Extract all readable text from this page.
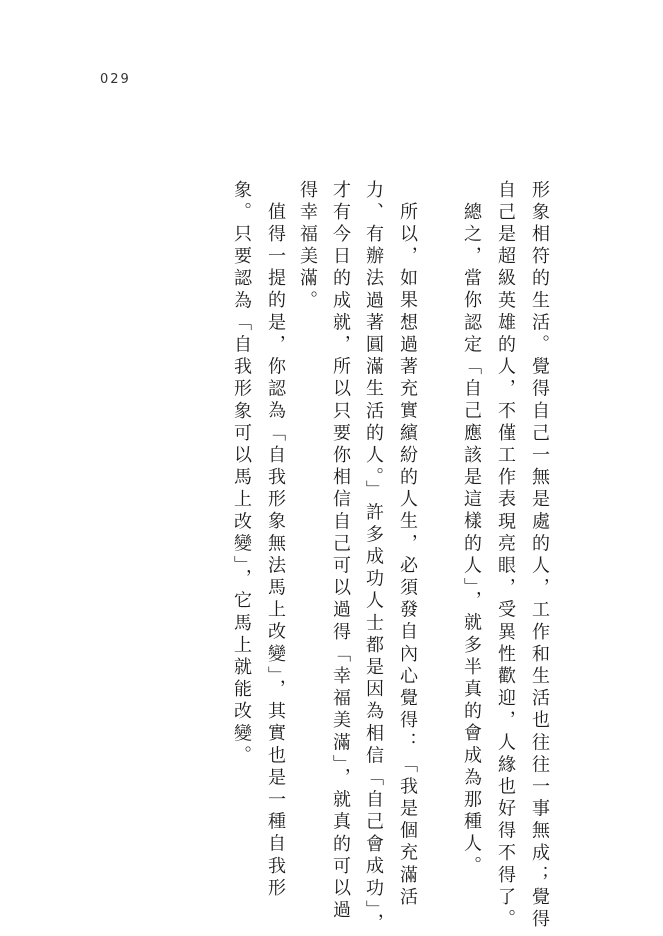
029
形象相符的生活。覺得自己一無是處的人，工作和生活也往往一事無成；覺得
自己是超級英雄的人，不僅工作表現亮眼，受異性歡迎，人緣也好得不得了。
總之，當你認定「自己應該是這樣的人」，就多半真的會成為那種人。
所以，如果想過著充實繽紛的人生，必須發自內心覺得：「我是個充滿活
力、有辦法過著圓滿生活的人。」許多成功人士都是因為相信「自己會成功」，
才有今日的成就，所以只要你相信自己可以過得「幸福美滿」，就真的可以過
得幸福美滿。
值得一提的是，你認為「自我形象無法馬上改變」，其實也是一種自我形
象。只要認為「自我形象可以馬上改變」，它馬上就能改變。
